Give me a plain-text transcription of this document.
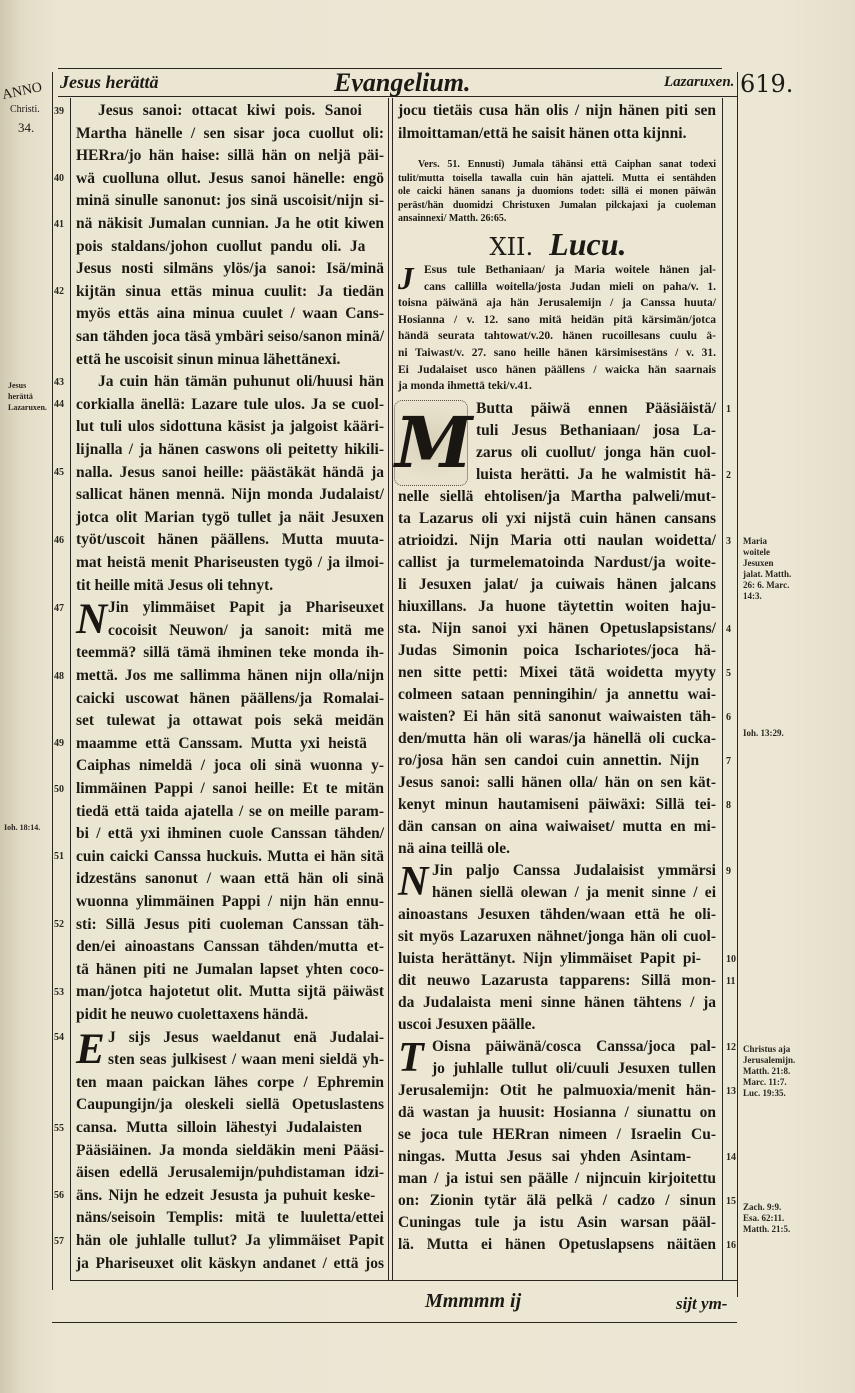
Jesus herättä	Evangelium.	Lazaruxen. 619.
ANNO
Christi.
34.
Jesus herättä Lazaruxen.
Ioh. 18:14.
Maria woitele Jesuxen jalat. Matth. 26: 6. Marc. 14:3.
Ioh. 13:29.
Christus aja Jerusalemijn. Matth. 21:8. Marc. 11:7. Luc. 19:35.
Zach. 9:9. Esa. 62:11. Matth. 21:5.
Jesus sanoi: ottacat kiwi pois. Sanoi
39
Martha hänelle / sen sisar joca cuollut oli:
HERra/jo hän haise: sillä hän on neljä päi-
wä cuolluna ollut. Jesus sanoi hänelle: engö
40
minä sinulle sanonut: jos sinä uscoisit/nijn si-
nä näkisit Jumalan cunnian. Ja he otit kiwen
41
pois staldans/johon cuollut pandu oli. Ja
Jesus nosti silmäns ylös/ja sanoi: Isä/minä
kijtän sinua ettäs minua cuulit: Ja tiedän
42
myös ettäs aina minua cuulet / waan Cans-
san tähden joca täsä ymbäri seiso/sanon minä/
että he uscoisit sinun minua lähettänexi.
Ja cuin hän tämän puhunut oli/huusi hän
43
corkialla änellä: Lazare tule ulos. Ja se cuol-
44
lut tuli ulos sidottuna käsist ja jalgoist kääri-
lijnalla / ja hänen caswons oli peitetty hikili-
nalla. Jesus sanoi heille: päästäkät händä ja
45
sallicat hänen mennä. Nijn monda Judalaist/
jotca olit Marian tygö tullet ja näit Jesuxen
työt/uscoit hänen päällens. Mutta muuta-
46
mat heistä menit Phariseusten tygö / ja ilmoi-
tit heille mitä Jesus oli tehnyt.
N Jin ylimmäiset Papit ja Phariseuxet
47
cocoisit Neuwon/ ja sanoit: mitä me
teemmä? sillä tämä ihminen teke monda ih-
mettä. Jos me sallimma hänen nijn olla/nijn
48
caicki uscowat hänen päällens/ja Romalai-
set tulewat ja ottawat pois sekä meidän
maamme että Canssam. Mutta yxi heistä
49
Caiphas nimeldä / joca oli sinä wuonna y-
limmäinen Pappi / sanoi heille: Et te mitän
50
tiedä että taida ajatella / se on meille param-
bi / että yxi ihminen cuole Canssan tähden/
cuin caicki Canssa huckuis. Mutta ei hän sitä
51
idzestäns sanonut / waan että hän oli sinä
wuonna ylimmäinen Pappi / nijn hän ennu-
sti: Sillä Jesus piti cuoleman Canssan täh-
52
den/ei ainoastans Canssan tähden/mutta et-
tä hänen piti ne Jumalan lapset yhten coco-
man/jotca hajotetut olit. Mutta sijtä päiwäst
53
pidit he neuwo cuolettaxens händä.
E J sijs Jesus waeldanut enä Judalai-
54
sten seas julkisest / waan meni sieldä yh-
ten maan paickan lähes corpe / Ephremin
Caupungijn/ja oleskeli siellä Opetuslastens
cansa. Mutta silloin lähestyi Judalaisten
55
Pääsiäinen. Ja monda sieldäkin meni Pääsi-
äisen edellä Jerusalemijn/puhdistaman idzi-
äns. Nijn he edzeit Jesusta ja puhuit keske-
56
näns/seisoin Templis: mitä te luuletta/ettei
hän ole juhlalle tullut? Ja ylimmäiset Papit
57
ja Phariseuxet olit käskyn andanet / että jos
jocu tietäis cusa hän olis / nijn hänen piti sen
ilmoittaman/että he saisit hänen otta kijnni.
Vers. 51. Ennusti) Jumala tähänsi että Caiphan sanat todexi
tulit/mutta toisella tawalla cuin hän ajatteli. Mutta ei sentähden
ole caicki hänen sanans ja duomions todet: sillä ei monen päiwän
peräst/hän duomidzi Christuxen Jumalan pilckajaxi ja cuoleman
ansainnexi/ Matth. 26:65.
XII. Lucu.
J Esus tule Bethaniaan/ ja Maria woitele hänen jal-
cans callilla woitella/josta Judan mieli on paha/v. 1.
toisna päiwänä aja hän Jerusalemijn / ja Canssa huuta/
Hosianna / v. 12. sano mitä heidän pitä kärsimän/jotca
händä seurata tahtowat/v.20. hänen rucoillesans cuulu ä-
ni Taiwast/v. 27. sano heille hänen kärsimisestäns / v. 31.
Ei Judalaiset usco hänen päällens / waicka hän saarnais
ja monda ihmettä teki/v.41.
M Butta päiwä ennen Pääsiäistä/ 1
tuli Jesus Bethaniaan/ josa La-
zarus oli cuollut/ jonga hän cuol-
luista herätti. Ja he walmistit hä- 2
nelle siellä ehtolisen/ja Martha palweli/mut-
ta Lazarus oli yxi nijstä cuin hänen cansans
atrioidzi. Nijn Maria otti naulan woidetta/ 3
callist ja turmelematoinda Nardust/ja woite-
li Jesuxen jalat/ ja cuiwais hänen jalcans
hiuxillans. Ja huone täytettin woiten haju-
sta. Nijn sanoi yxi hänen Opetuslapsistans/ 4
Judas Simonin poica Ischariotes/joca hä-
nen sitte petti: Mixei tätä woidetta myyty 5
colmeen sataan penningihin/ ja annettu wai-
waisten? Ei hän sitä sanonut waiwaisten täh- 6
den/mutta hän oli waras/ja hänellä oli cucka-
ro/josa hän sen candoi cuin annettin. Nijn	7
Jesus sanoi: salli hänen olla/ hän on sen kät-
kenyt minun hautamiseni päiwäxi: Sillä tei- 8
dän cansan on aina waiwaiset/ mutta en mi-
nä aina teillä ole.
N Jin paljo Canssa Judalaisist ymmärsi 9
hänen siellä olewan / ja menit sinne / ei
ainoastans Jesuxen tähden/waan että he oli-
sit myös Lazaruxen nähnet/jonga hän oli cuol-
luista herättänyt. Nijn ylimmäiset Papit pi-	10
dit neuwo Lazarusta tapparens: Sillä mon- 11
da Judalaista meni sinne hänen tähtens / ja
uscoi Jesuxen päälle.
T Oisna päiwänä/cosca Canssa/joca pal- 12
jo juhlalle tullut oli/cuuli Jesuxen tullen
Jerusalemijn: Otit he palmuoxia/menit hän- 13
dä wastan ja huusit: Hosianna / siunattu on
se joca tule HERran nimeen / Israelin Cu-
ningas. Mutta Jesus sai yhden Asintam-	14
man / ja istui sen päälle / nijncuin kirjoitettu
on: Zionin tytär älä pelkä / cadzo / sinun 15
Cuningas tule ja istu Asin warsan pääl-
lä. Mutta ei hänen Opetuslapsens näitäen 16
Mmmmm ij	sijt ym-
